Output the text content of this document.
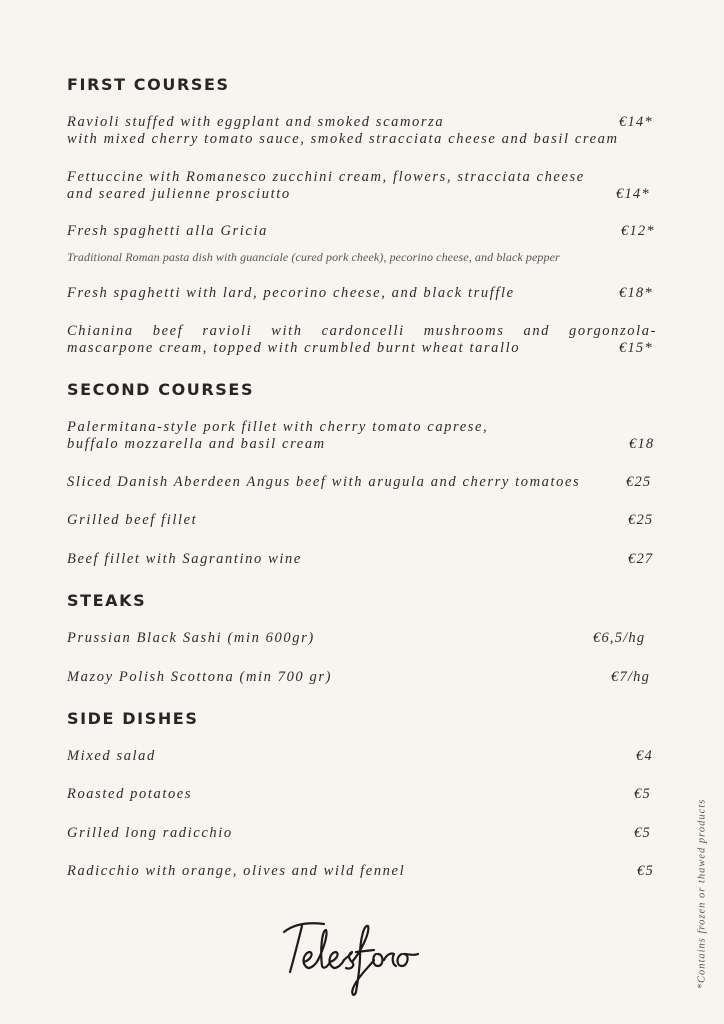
FIRST COURSES
Ravioli stuffed with eggplant and smoked scamorza
with mixed cherry tomato sauce, smoked stracciata cheese and basil cream
€14*
Fettuccine with Romanesco zucchini cream, flowers, stracciata cheese
and seared julienne prosciutto	€14*
Fresh spaghetti alla Gricia	€12*
Traditional Roman pasta dish with guanciale (cured pork cheek), pecorino cheese, and black pepper
Fresh spaghetti with lard, pecorino cheese, and black truffle	€18*
Chianina beef ravioli with cardoncelli mushrooms and gorgonzola-
mascarpone cream, topped with crumbled burnt wheat tarallo	€15*
SECOND COURSES
Palermitana-style pork fillet with cherry tomato caprese,
buffalo mozzarella and basil cream	€18
Sliced Danish Aberdeen Angus beef with arugula and cherry tomatoes	€25
Grilled beef fillet	€25
Beef fillet with Sagrantino wine	€27
STEAKS
Prussian Black Sashi (min 600gr)	€6,5/hg
Mazoy Polish Scottona (min 700 gr)	€7/hg
SIDE DISHES
Mixed salad	€4
Roasted potatoes	€5
Grilled long radicchio	€5
Radicchio with orange, olives and wild fennel	€5	*Contains frozen or thawed products
